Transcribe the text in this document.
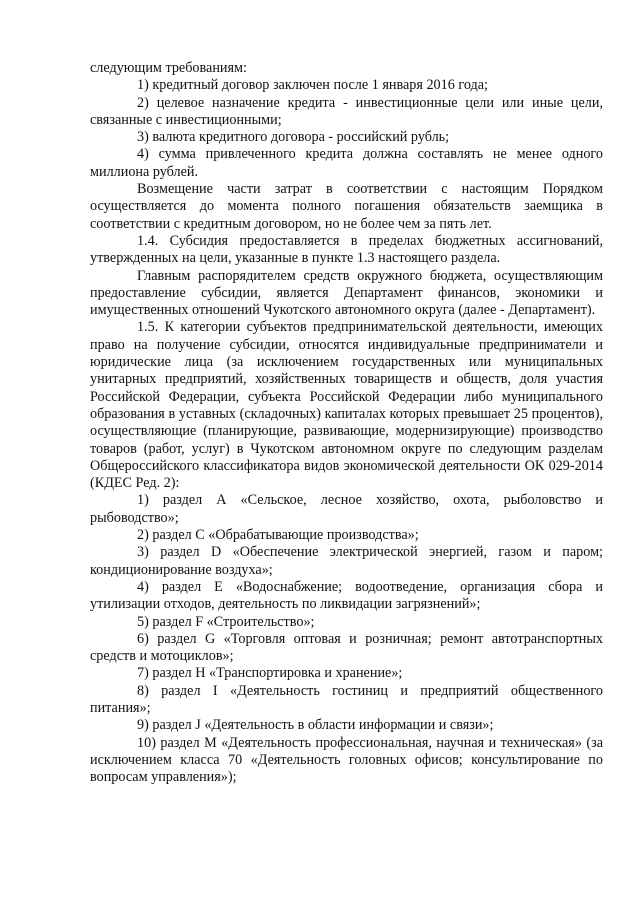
следующим требованиям:

1) кредитный договор заключен после 1 января 2016 года;

2) целевое назначение кредита - инвестиционные цели или иные цели, связанные с инвестиционными;

3) валюта кредитного договора - российский рубль;

4) сумма привлеченного кредита должна составлять не менее одного миллиона рублей.

Возмещение части затрат в соответствии с настоящим Порядком осуществляется до момента полного погашения обязательств заемщика в соответствии с кредитным договором, но не более чем за пять лет.

1.4. Субсидия предоставляется в пределах бюджетных ассигнований, утвержденных на цели, указанные в пункте 1.3 настоящего раздела.

Главным распорядителем средств окружного бюджета, осуществляющим предоставление субсидии, является Департамент финансов, экономики и имущественных отношений Чукотского автономного округа (далее - Департамент).

1.5. К категории субъектов предпринимательской деятельности, имеющих право на получение субсидии, относятся индивидуальные предприниматели и юридические лица (за исключением государственных или муниципальных унитарных предприятий, хозяйственных товариществ и обществ, доля участия Российской Федерации, субъекта Российской Федерации либо муниципального образования в уставных (складочных) капиталах которых превышает 25 процентов), осуществляющие (планирующие, развивающие, модернизирующие) производство товаров (работ, услуг) в Чукотском автономном округе по следующим разделам Общероссийского классификатора видов экономической деятельности ОК 029-2014 (КДЕС Ред. 2):

1) раздел А «Сельское, лесное хозяйство, охота, рыболовство и рыбоводство»;

2) раздел С «Обрабатывающие производства»;

3) раздел D «Обеспечение электрической энергией, газом и паром; кондиционирование воздуха»;

4) раздел Е «Водоснабжение; водоотведение, организация сбора и утилизации отходов, деятельность по ликвидации загрязнений»;

5) раздел F «Строительство»;

6) раздел G «Торговля оптовая и розничная; ремонт автотранспортных средств и мотоциклов»;

7) раздел Н «Транспортировка и хранение»;

8) раздел I «Деятельность гостиниц и предприятий общественного питания»;

9) раздел J «Деятельность в области информации и связи»;

10) раздел М «Деятельность профессиональная, научная и техническая» (за исключением класса 70 «Деятельность головных офисов; консультирование по вопросам управления»);
